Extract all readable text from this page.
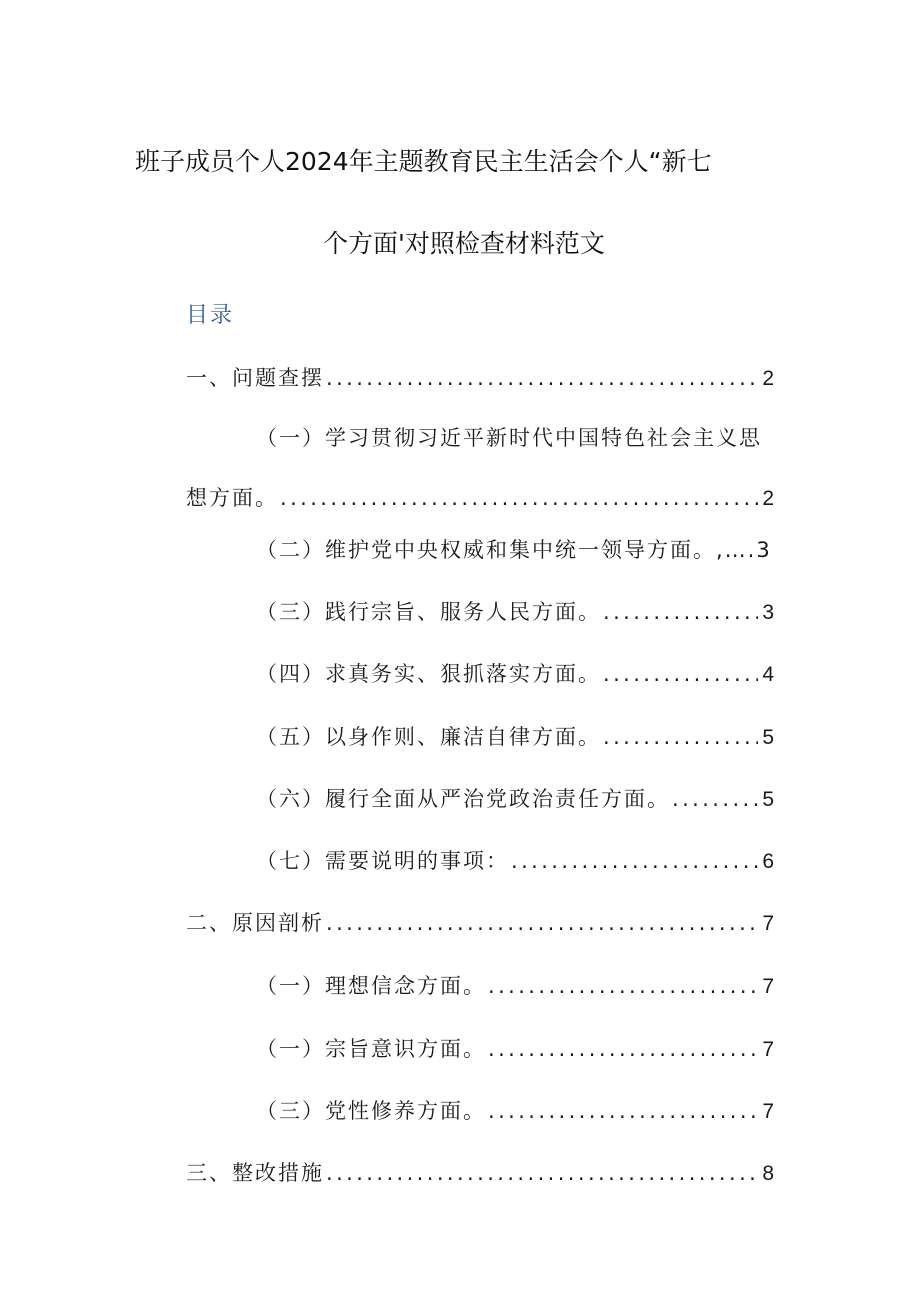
班子成员个人2024年主题教育民主生活会个人“新七
个方面'对照检查材料范文
目录
一、问题查摆 .....	2
（一）学习贯彻习近平新时代中国特色社会主义思
想方面。 .....	2
（二）维护党中央权威和集中统一领导方面。,….3
（三）践行宗旨、服务人民方面。 .....	3
（四）求真务实、狠抓落实方面。 .....	4
（五）以身作则、廉洁自律方面。 .....	5
（六）履行全面从严治党政治责任方面。 .....	5
（七）需要说明的事项： .....	6
二、原因剖析 .....	7
（一）理想信念方面。 .....	7
（一）宗旨意识方面。 .....	7
（三）党性修养方面。 .....	7
三、整改措施 .....	8
